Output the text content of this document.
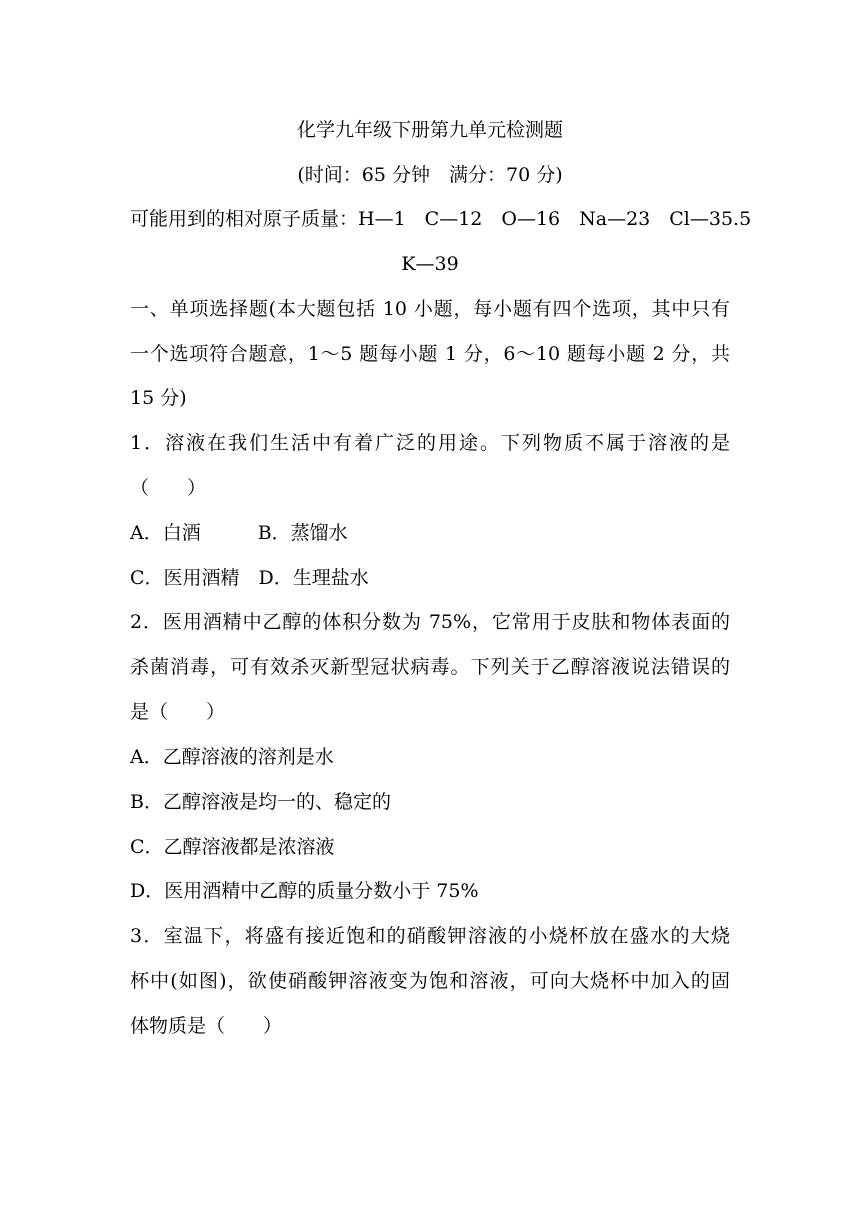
化学九年级下册第九单元检测题
(时间：65 分钟　满分：70 分)
可能用到的相对原子质量：H—1　C—12　O—16　Na—23　Cl—35.5
K—39
一、单项选择题(本大题包括 10 小题，每小题有四个选项，其中只有
一个选项符合题意，1～5 题每小题 1 分，6～10 题每小题 2 分，共
15 分)
1．溶液在我们生活中有着广泛的用途。下列物质不属于溶液的是
（　　）
A．白酒　　　B．蒸馏水
C．医用酒精　D．生理盐水
2．医用酒精中乙醇的体积分数为 75%，它常用于皮肤和物体表面的
杀菌消毒，可有效杀灭新型冠状病毒。下列关于乙醇溶液说法错误的
是（　　）
A．乙醇溶液的溶剂是水
B．乙醇溶液是均一的、稳定的
C．乙醇溶液都是浓溶液
D．医用酒精中乙醇的质量分数小于 75%
3．室温下，将盛有接近饱和的硝酸钾溶液的小烧杯放在盛水的大烧
杯中(如图)，欲使硝酸钾溶液变为饱和溶液，可向大烧杯中加入的固
体物质是（　　）
